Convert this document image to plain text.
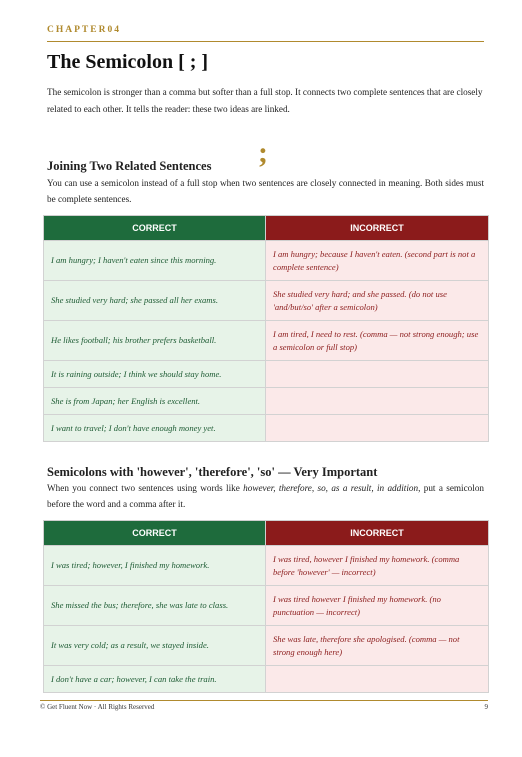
CHAPTER04
The Semicolon [ ; ]

The semicolon is stronger than a comma but softer than a full stop. It connects two complete sentences that are closely related to each other. It tells the reader: these two ideas are linked.

;
Joining Two Related Sentences

You can use a semicolon instead of a full stop when two sentences are closely connected in meaning. Both sides must be complete sentences.

CORRECT	INCORRECT
I am hungry; I haven't eaten since this morning.	I am hungry; because I haven't eaten. (second part is not a complete sentence)
She studied very hard; she passed all her exams.	She studied very hard; and she passed. (do not use 'and/but/so' after a semicolon)
He likes football; his brother prefers basketball.	I am tired, I need to rest. (comma — not strong enough; use a semicolon or full stop)
It is raining outside; I think we should stay home.	
She is from Japan; her English is excellent.	
I want to travel; I don't have enough money yet.	
Semicolons with 'however', 'therefore', 'so' — Very Important

When you connect two sentences using words like however, therefore, so, as a result, in addition, put a semicolon before the word and a comma after it.

CORRECT	INCORRECT
I was tired; however, I finished my homework.	I was tired, however I finished my homework. (comma before 'however' — incorrect)
She missed the bus; therefore, she was late to class.	I was tired however I finished my homework. (no punctuation — incorrect)
It was very cold; as a result, we stayed inside.	She was late, therefore she apologised. (comma — not strong enough here)
I don't have a car; however, I can take the train.	
© Get Fluent Now · All Rights Reserved	9
